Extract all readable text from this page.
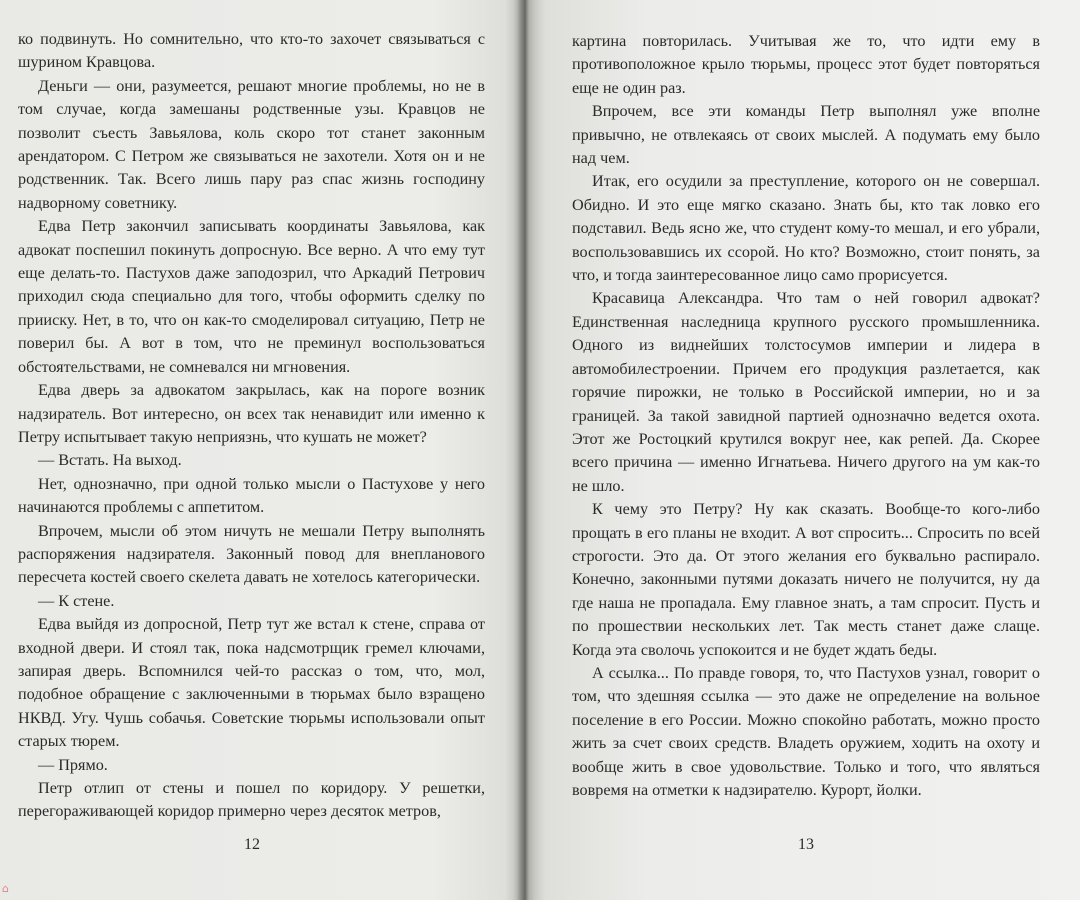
ко подвинуть. Но сомнительно, что кто-то захочет связываться с шурином Кравцова.

Деньги — они, разумеется, решают многие проблемы, но не в том случае, когда замешаны родственные узы. Кравцов не позволит съесть Завьялова, коль скоро тот станет законным арендатором. С Петром же связываться не захотели. Хотя он и не родственник. Так. Всего лишь пару раз спас жизнь господину надворному советнику.

Едва Петр закончил записывать координаты Завьялова, как адвокат поспешил покинуть допросную. Все верно. А что ему тут еще делать-то. Пастухов даже заподозрил, что Аркадий Петрович приходил сюда специально для того, чтобы оформить сделку по прииску. Нет, в то, что он как-то смоделировал ситуацию, Петр не поверил бы. А вот в том, что не преминул воспользоваться обстоятельствами, не сомневался ни мгновения.

Едва дверь за адвокатом закрылась, как на пороге возник надзиратель. Вот интересно, он всех так ненавидит или именно к Петру испытывает такую неприязнь, что кушать не может?

— Встать. На выход.

Нет, однозначно, при одной только мысли о Пастухове у него начинаются проблемы с аппетитом.

Впрочем, мысли об этом ничуть не мешали Петру выполнять распоряжения надзирателя. Законный повод для внепланового пересчета костей своего скелета давать не хотелось категорически.

— К стене.

Едва выйдя из допросной, Петр тут же встал к стене, справа от входной двери. И стоял так, пока надсмотрщик гремел ключами, запирая дверь. Вспомнился чей-то рассказ о том, что, мол, подобное обращение с заключенными в тюрьмах было взращено НКВД. Угу. Чушь собачья. Советские тюрьмы использовали опыт старых тюрем.

— Прямо.

Петр отлип от стены и пошел по коридору. У решетки, перегораживающей коридор примерно через десяток метров,

12

картина повторилась. Учитывая же то, что идти ему в противоположное крыло тюрьмы, процесс этот будет повторяться еще не один раз.

Впрочем, все эти команды Петр выполнял уже вполне привычно, не отвлекаясь от своих мыслей. А подумать ему было над чем.

Итак, его осудили за преступление, которого он не совершал. Обидно. И это еще мягко сказано. Знать бы, кто так ловко его подставил. Ведь ясно же, что студент кому-то мешал, и его убрали, воспользовавшись их ссорой. Но кто? Возможно, стоит понять, за что, и тогда заинтересованное лицо само прорисуется.

Красавица Александра. Что там о ней говорил адвокат? Единственная наследница крупного русского промышленника. Одного из виднейших толстосумов империи и лидера в автомобилестроении. Причем его продукция разлетается, как горячие пирожки, не только в Российской империи, но и за границей. За такой завидной партией однозначно ведется охота. Этот же Ростоцкий крутился вокруг нее, как репей. Да. Скорее всего причина — именно Игнатьева. Ничего другого на ум как-то не шло.

К чему это Петру? Ну как сказать. Вообще-то кого-либо прощать в его планы не входит. А вот спросить... Спросить по всей строгости. Это да. От этого желания его буквально распирало. Конечно, законными путями доказать ничего не получится, ну да где наша не пропадала. Ему главное знать, а там спросит. Пусть и по прошествии нескольких лет. Так месть станет даже слаще. Когда эта сволочь успокоится и не будет ждать беды.

А ссылка... По правде говоря, то, что Пастухов узнал, говорит о том, что здешняя ссылка — это даже не определение на вольное поселение в его России. Можно спокойно работать, можно просто жить за счет своих средств. Владеть оружием, ходить на охоту и вообще жить в свое удовольствие. Только и того, что являться вовремя на отметки к надзирателю. Курорт, йолки.

13
⌂
